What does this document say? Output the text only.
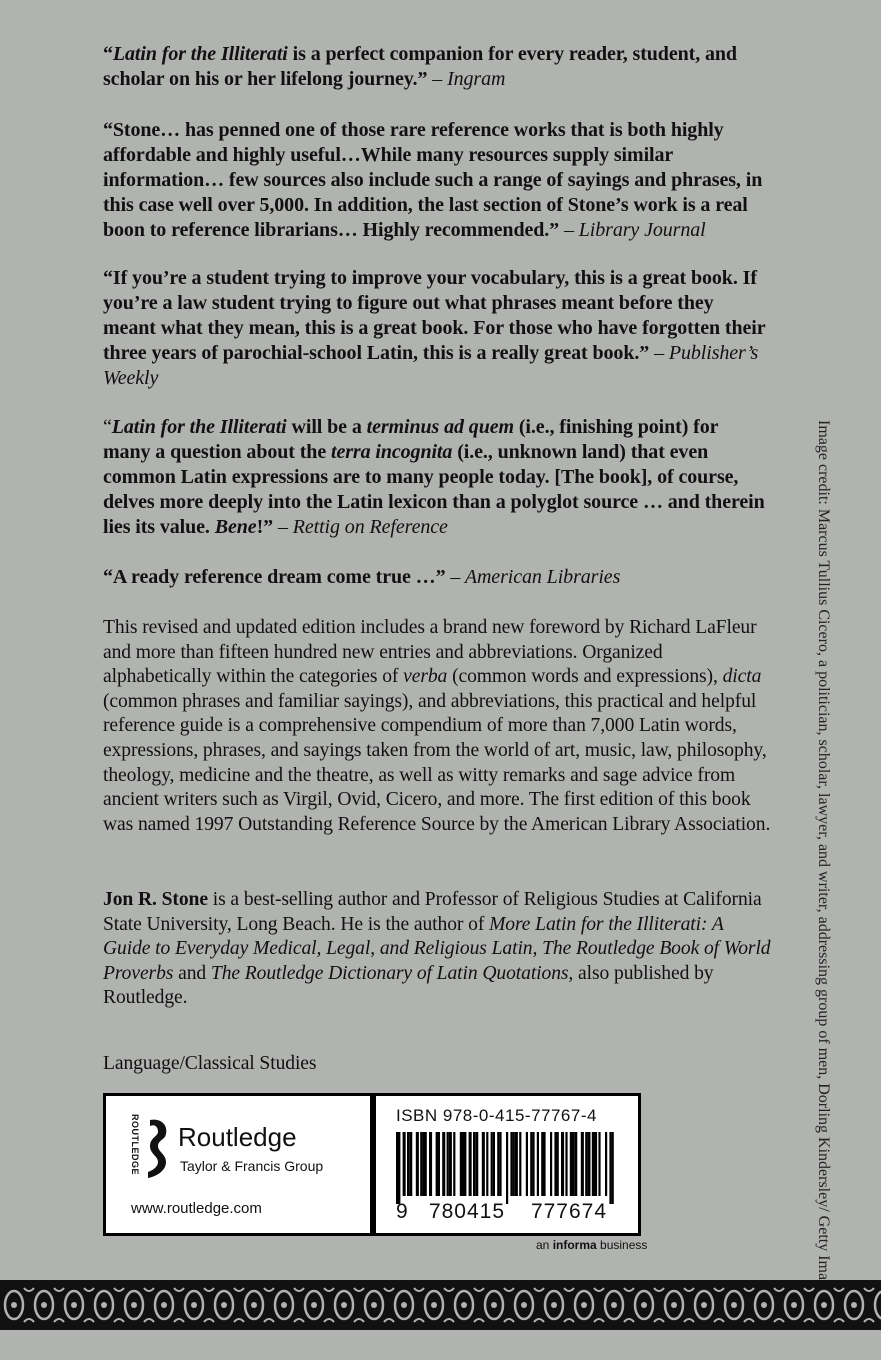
“Latin for the Illiterati is a perfect companion for every reader, student, and scholar on his or her lifelong journey.” – Ingram
“Stone… has penned one of those rare reference works that is both highly affordable and highly useful…While many resources supply similar information… few sources also include such a range of sayings and phrases, in this case well over 5,000. In addition, the last section of Stone’s work is a real boon to reference librarians… Highly recommended.” – Library Journal
“If you’re a student trying to improve your vocabulary, this is a great book. If you’re a law student trying to figure out what phrases meant before they meant what they mean, this is a great book. For those who have forgotten their three years of parochial-school Latin, this is a really great book.” – Publisher’s Weekly
“Latin for the Illiterati will be a terminus ad quem (i.e., finishing point) for many a question about the terra incognita (i.e., unknown land) that even common Latin expressions are to many people today. [The book], of course, delves more deeply into the Latin lexicon than a polyglot source … and therein lies its value. Bene!” – Rettig on Reference
“A ready reference dream come true …” – American Libraries
This revised and updated edition includes a brand new foreword by Richard LaFleur and more than fifteen hundred new entries and abbreviations. Organized alphabetically within the categories of verba (common words and expressions), dicta (common phrases and familiar sayings), and abbreviations, this practical and helpful reference guide is a comprehensive compendium of more than 7,000 Latin words, expressions, phrases, and sayings taken from the world of art, music, law, philosophy, theology, medicine and the theatre, as well as witty remarks and sage advice from ancient writers such as Virgil, Ovid, Cicero, and more. The first edition of this book was named 1997 Outstanding Reference Source by the American Library Association.
Jon R. Stone is a best-selling author and Professor of Religious Studies at California State University, Long Beach. He is the author of More Latin for the Illiterati: A Guide to Everyday Medical, Legal, and Religious Latin, The Routledge Book of World Proverbs and The Routledge Dictionary of Latin Quotations, also published by Routledge.
Language/Classical Studies	Image credit: Marcus Tullius Cicero, a politician, scholar, lawyer, and writer, addressing group of men, Dorling Kindersley/ Getty Images
ROUTLEDGE Routledge
Taylor & Francis Group
www.routledge.com
ISBN 978-0-415-77767-4
9	780415	777674
an informa business
